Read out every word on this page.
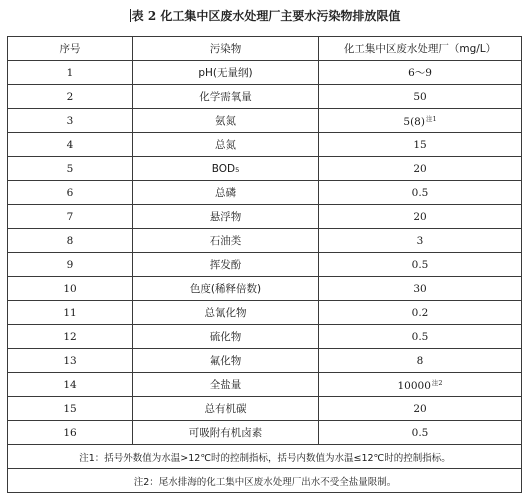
表 2 化工集中区废水处理厂主要水污染物排放限值
序号	污染物	化工集中区废水处理厂（mg/L）
1	pH(无量纲)	6～9
2	化学需氧量	50
3	氨氮	$5(8)^{注1}$
4	总氮	15
5	BOD₅	20
6	总磷	0.5
7	悬浮物	20
8	石油类	3
9	挥发酚	0.5
10	色度(稀释倍数)	30
11	总氰化物	0.2
12	硫化物	0.5
13	氟化物	8
14	全盐量	10000$^{注2}$
15	总有机碳	20
16	可吸附有机卤素	0.5
注1：括号外数值为水温>12℃时的控制指标，括号内数值为水温≤12℃时的控制指标。		
注2：尾水排海的化工集中区废水处理厂出水不受全盐量限制。		
